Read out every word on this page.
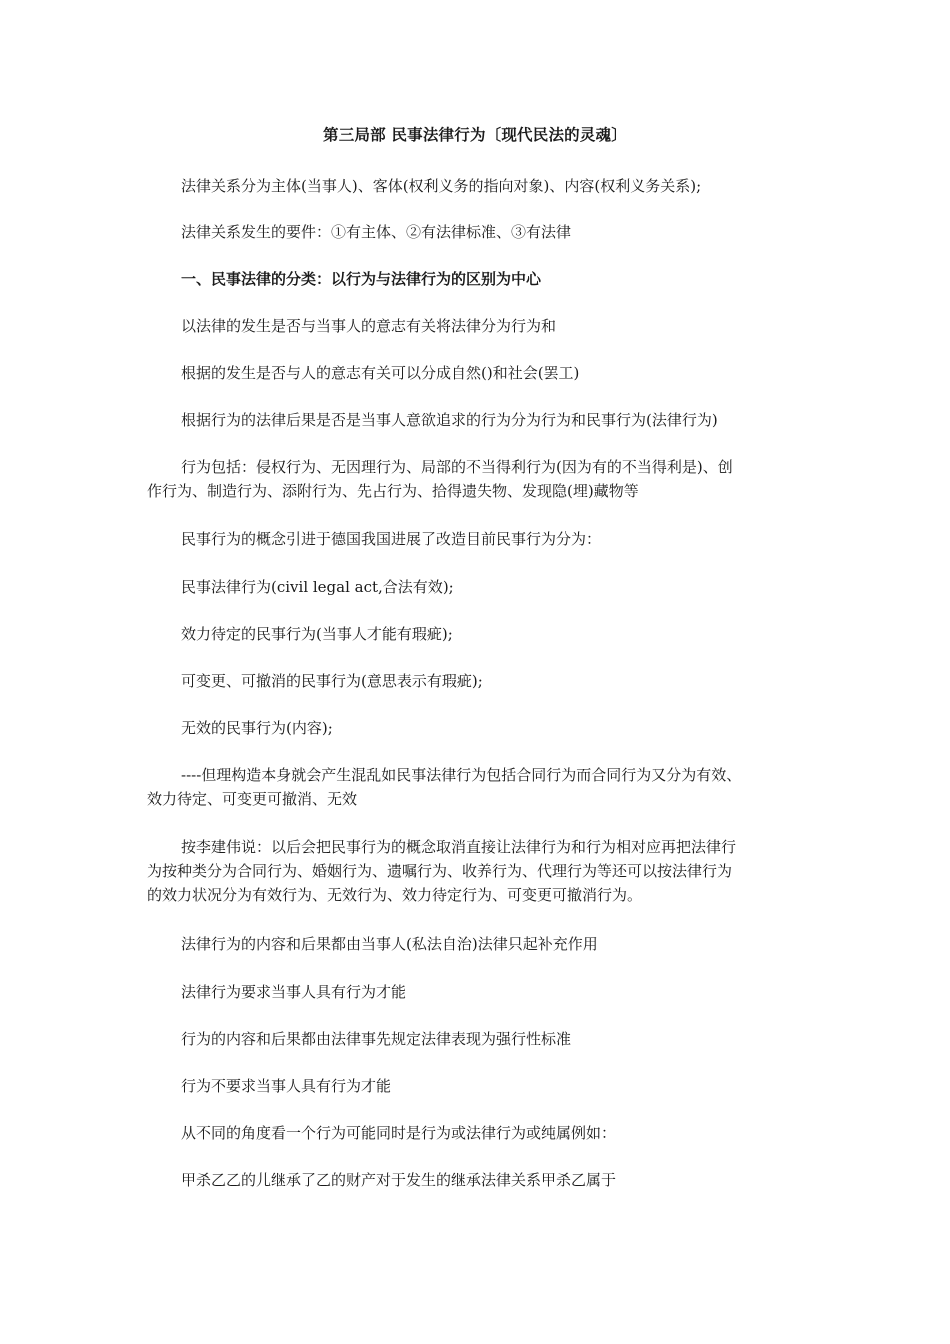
第三局部 民事法律行为〔现代民法的灵魂〕
法律关系分为主体(当事人)、客体(权利义务的指向对象)、内容(权利义务关系);
法律关系发生的要件：①有主体、②有法律标准、③有法律
一、民事法律的分类：以行为与法律行为的区别为中心
以法律的发生是否与当事人的意志有关将法律分为行为和
根据的发生是否与人的意志有关可以分成自然()和社会(罢工)
根据行为的法律后果是否是当事人意欲追求的行为分为行为和民事行为(法律行为)
行为包括：侵权行为、无因理行为、局部的不当得利行为(因为有的不当得利是)、创
作行为、制造行为、添附行为、先占行为、拾得遗失物、发现隐(埋)藏物等
民事行为的概念引进于德国我国进展了改造目前民事行为分为：
民事法律行为(civil legal act,合法有效);
效力待定的民事行为(当事人才能有瑕疵);
可变更、可撤消的民事行为(意思表示有瑕疵);
无效的民事行为(内容);
----但理构造本身就会产生混乱如民事法律行为包括合同行为而合同行为又分为有效、
效力待定、可变更可撤消、无效
按李建伟说：以后会把民事行为的概念取消直接让法律行为和行为相对应再把法律行
为按种类分为合同行为、婚姻行为、遗嘱行为、收养行为、代理行为等还可以按法律行为
的效力状况分为有效行为、无效行为、效力待定行为、可变更可撤消行为。
法律行为的内容和后果都由当事人(私法自治)法律只起补充作用
法律行为要求当事人具有行为才能
行为的内容和后果都由法律事先规定法律表现为强行性标准
行为不要求当事人具有行为才能
从不同的角度看一个行为可能同时是行为或法律行为或纯属例如：
甲杀乙乙的儿继承了乙的财产对于发生的继承法律关系甲杀乙属于
